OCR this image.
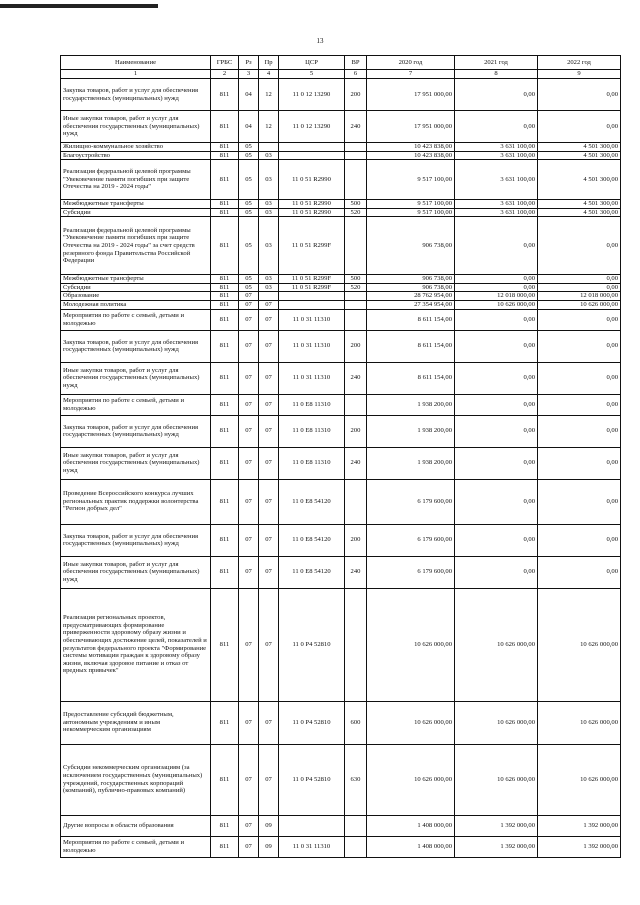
13
Наименование	ГРБС	Рз	Пр	ЦСР	ВР	2020 год	2021 год	2022 год
1	2	3	4	5	6	7	8	9
Закупка товаров, работ и услуг для обеспечения государственных (муниципальных) нужд	811	04	12	11 0 12 13290	200	17 951 000,00	0,00	0,00
Иные закупки товаров, работ и услуг для обеспечения государственных (муниципальных) нужд	811	04	12	11 0 12 13290	240	17 951 000,00	0,00	0,00
Жилищно-коммунальное хозяйство	811	05				10 423 838,00	3 631 100,00	4 501 300,00
Благоустройство	811	05	03			10 423 838,00	3 631 100,00	4 501 300,00
Реализация федеральной целевой программы "Увековечение памяти погибших при защите Отечества на 2019 - 2024 годы"	811	05	03	11 0 51 R2990		9 517 100,00	3 631 100,00	4 501 300,00
Межбюджетные трансферты	811	05	03	11 0 51 R2990	500	9 517 100,00	3 631 100,00	4 501 300,00
Субсидии	811	05	03	11 0 51 R2990	520	9 517 100,00	3 631 100,00	4 501 300,00
Реализация федеральной целевой программы "Увековечение памяти погибших при защите Отечества на 2019 - 2024 годы" за счет средств резервного фонда Правительства Российской Федерации	811	05	03	11 0 51 R299F		906 738,00	0,00	0,00
Межбюджетные трансферты	811	05	03	11 0 51 R299F	500	906 738,00	0,00	0,00
Субсидии	811	05	03	11 0 51 R299F	520	906 738,00	0,00	0,00
Образование	811	07				28 762 954,00	12 018 000,00	12 018 000,00
Молодежная политика	811	07	07			27 354 954,00	10 626 000,00	10 626 000,00
Мероприятия по работе с семьей, детьми и молодежью	811	07	07	11 0 31 11310		8 611 154,00	0,00	0,00
Закупка товаров, работ и услуг для обеспечения государственных (муниципальных) нужд	811	07	07	11 0 31 11310	200	8 611 154,00	0,00	0,00
Иные закупки товаров, работ и услуг для обеспечения государственных (муниципальных) нужд	811	07	07	11 0 31 11310	240	8 611 154,00	0,00	0,00
Мероприятия по работе с семьей, детьми и молодежью	811	07	07	11 0 E8 11310		1 938 200,00	0,00	0,00
Закупка товаров, работ и услуг для обеспечения государственных (муниципальных) нужд	811	07	07	11 0 E8 11310	200	1 938 200,00	0,00	0,00
Иные закупки товаров, работ и услуг для обеспечения государственных (муниципальных) нужд	811	07	07	11 0 E8 11310	240	1 938 200,00	0,00	0,00
Проведение Всероссийского конкурса лучших региональных практик поддержки волонтерства "Регион добрых дел"	811	07	07	11 0 E8 54120		6 179 600,00	0,00	0,00
Закупка товаров, работ и услуг для обеспечения государственных (муниципальных) нужд	811	07	07	11 0 E8 54120	200	6 179 600,00	0,00	0,00
Иные закупки товаров, работ и услуг для обеспечения государственных (муниципальных) нужд	811	07	07	11 0 E8 54120	240	6 179 600,00	0,00	0,00
Реализация региональных проектов, предусматривающих формирование приверженности здоровому образу жизни и обеспечивающих достижение целей, показателей и результатов федерального проекта "Формирование системы мотивации граждан к здоровому образу жизни, включая здоровое питание и отказ от вредных привычек"	811	07	07	11 0 P4 52810		10 626 000,00	10 626 000,00	10 626 000,00
Предоставление субсидий бюджетным, автономным учреждениям и иным некоммерческим организациям	811	07	07	11 0 P4 52810	600	10 626 000,00	10 626 000,00	10 626 000,00
Субсидии некоммерческим организациям (за исключением государственных (муниципальных) учреждений, государственных корпораций (компаний), публично-правовых компаний)	811	07	07	11 0 P4 52810	630	10 626 000,00	10 626 000,00	10 626 000,00
Другие вопросы в области образования	811	07	09			1 408 000,00	1 392 000,00	1 392 000,00
Мероприятия по работе с семьей, детьми и молодежью	811	07	09	11 0 31 11310		1 408 000,00	1 392 000,00	1 392 000,00
